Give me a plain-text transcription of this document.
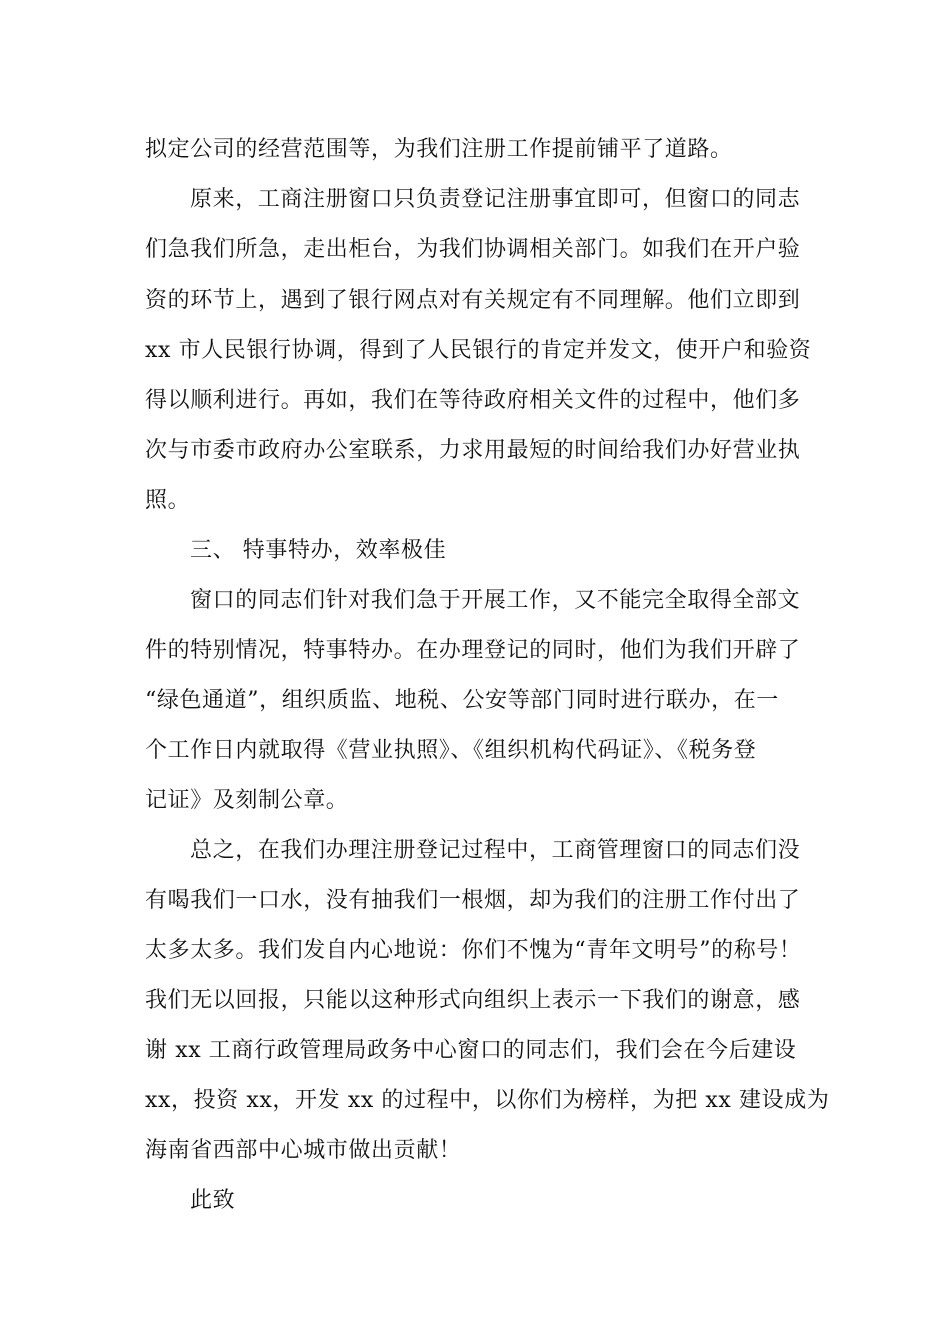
拟定公司的经营范围等，为我们注册工作提前铺平了道路。
原来，工商注册窗口只负责登记注册事宜即可，但窗口的同志
们急我们所急，走出柜台，为我们协调相关部门。如我们在开户验
资的环节上，遇到了银行网点对有关规定有不同理解。他们立即到
xx 市人民银行协调，得到了人民银行的肯定并发文，使开户和验资
得以顺利进行。再如，我们在等待政府相关文件的过程中，他们多
次与市委市政府办公室联系，力求用最短的时间给我们办好营业执
照。
三、 特事特办，效率极佳
窗口的同志们针对我们急于开展工作，又不能完全取得全部文
件的特别情况，特事特办。在办理登记的同时，他们为我们开辟了
“绿色通道”，组织质监、地税、公安等部门同时进行联办，在一
个工作日内就取得《营业执照》、《组织机构代码证》、《税务登
记证》及刻制公章。
总之，在我们办理注册登记过程中，工商管理窗口的同志们没
有喝我们一口水，没有抽我们一根烟，却为我们的注册工作付出了
太多太多。我们发自内心地说：你们不愧为“青年文明号”的称号！
我们无以回报，只能以这种形式向组织上表示一下我们的谢意，感
谢 xx 工商行政管理局政务中心窗口的同志们，我们会在今后建设
xx，投资 xx，开发 xx 的过程中，以你们为榜样，为把 xx 建设成为
海南省西部中心城市做出贡献！
此致
